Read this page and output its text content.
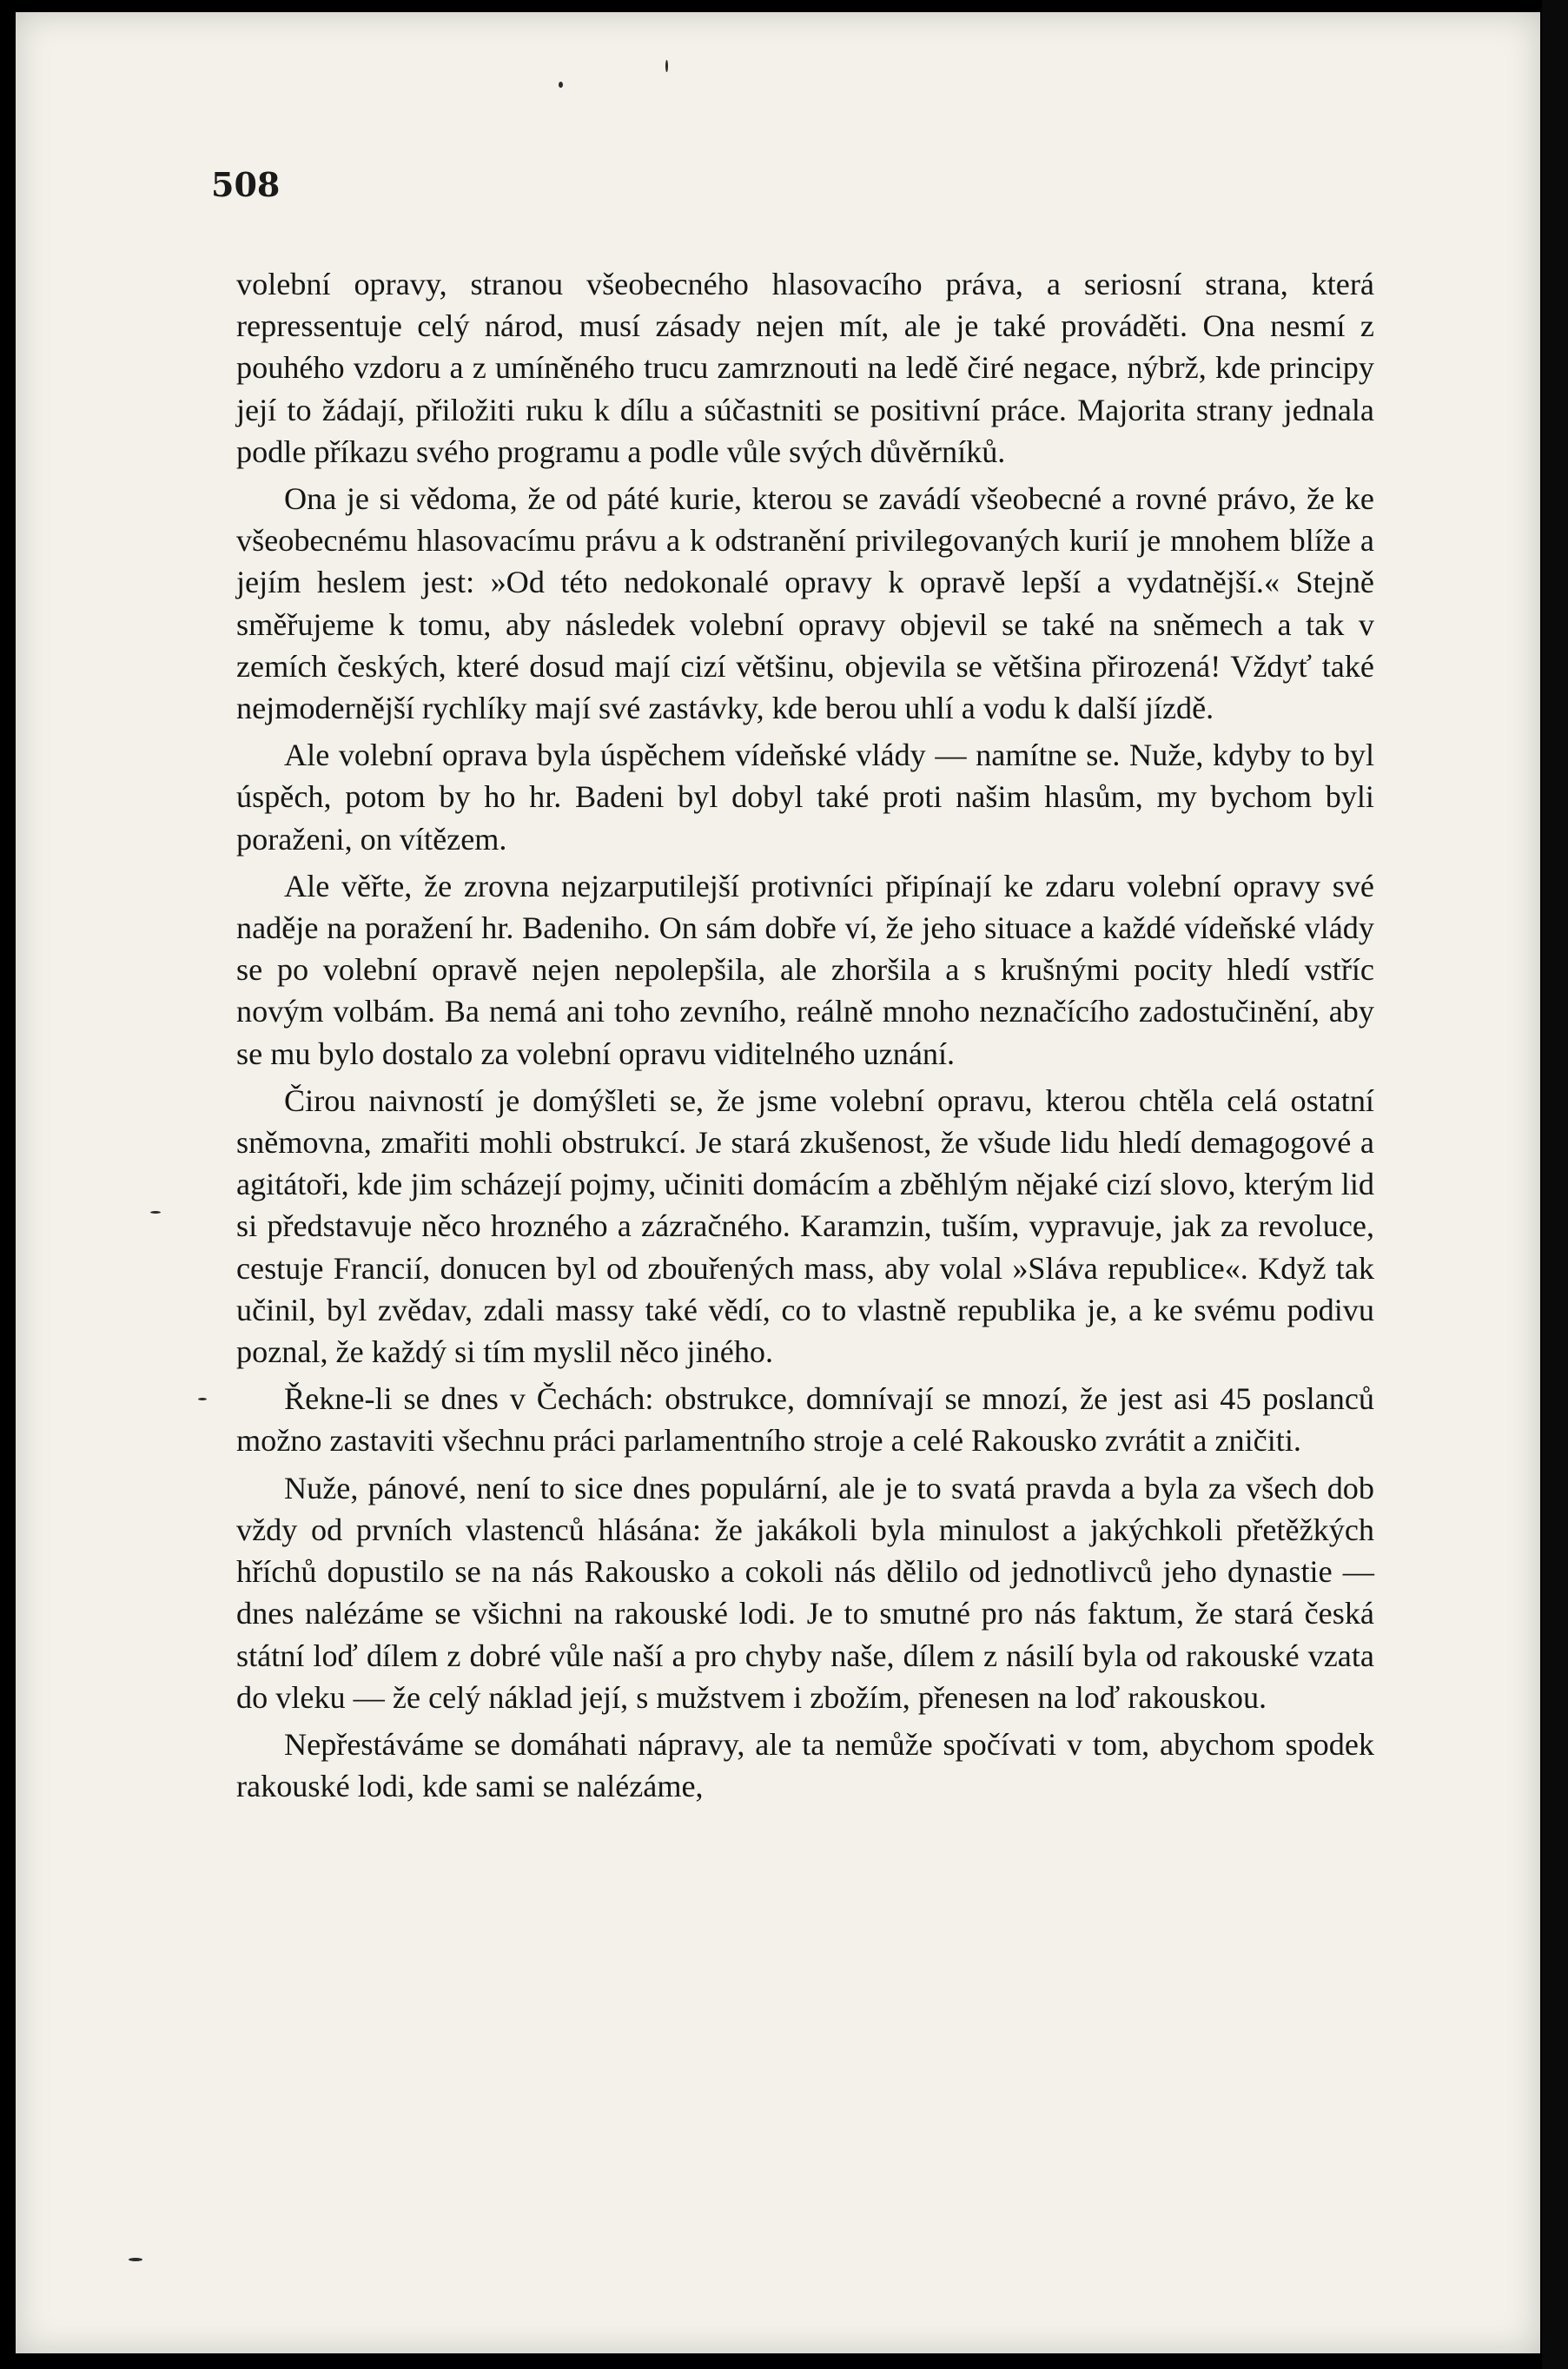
508

volební opravy, stranou všeobecného hlasovacího práva, a seriosní strana, která repressentuje celý národ, musí zásady nejen mít, ale je také prováděti. Ona nesmí z pouhého vzdoru a z umíněného trucu zamrznouti na ledě čiré negace, nýbrž, kde principy její to žádají, přiložiti ruku k dílu a súčastniti se positivní práce. Majorita strany jednala podle příkazu svého programu a podle vůle svých důvěrníků.

Ona je si vědoma, že od páté kurie, kterou se zavádí všeobecné a rovné právo, že ke všeobecnému hlasovacímu právu a k odstranění privilegovaných kurií je mnohem blíže a jejím heslem jest: »Od této nedokonalé opravy k opravě lepší a vydatnější.« Stejně směřujeme k tomu, aby následek volební opravy objevil se také na sněmech a tak v zemích českých, které dosud mají cizí většinu, objevila se většina přirozená! Vždyť také nejmodernější rychlíky mají své zastávky, kde berou uhlí a vodu k další jízdě.

Ale volební oprava byla úspěchem vídeňské vlády — namítne se. Nuže, kdyby to byl úspěch, potom by ho hr. Badeni byl dobyl také proti našim hlasům, my bychom byli poraženi, on vítězem.

Ale věřte, že zrovna nejzarputilejší protivníci připínají ke zdaru volební opravy své naděje na poražení hr. Badeniho. On sám dobře ví, že jeho situace a každé vídeňské vlády se po volební opravě nejen nepolepšila, ale zhoršila a s krušnými pocity hledí vstříc novým volbám. Ba nemá ani toho zevního, reálně mnoho neznačícího zadostučinění, aby se mu bylo dostalo za volební opravu viditelného uznání.

Čirou naivností je domýšleti se, že jsme volební opravu, kterou chtěla celá ostatní sněmovna, zmařiti mohli obstrukcí. Je stará zkušenost, že všude lidu hledí demagogové a agitátoři, kde jim scházejí pojmy, učiniti domácím a zběhlým nějaké cizí slovo, kterým lid si představuje něco hrozného a zázračného. Karamzin, tuším, vypravuje, jak za revoluce, cestuje Francií, donucen byl od zbouřených mass, aby volal »Sláva republice«. Když tak učinil, byl zvědav, zdali massy také vědí, co to vlastně republika je, a ke svému podivu poznal, že každý si tím myslil něco jiného.

Řekne-li se dnes v Čechách: obstrukce, domnívají se mnozí, že jest asi 45 poslanců možno zastaviti všechnu práci parlamentního stroje a celé Rakousko zvrátit a zničiti.

Nuže, pánové, není to sice dnes populární, ale je to svatá pravda a byla za všech dob vždy od prvních vlastenců hlásána: že jakákoli byla minulost a jakýchkoli přetěžkých hříchů dopustilo se na nás Rakousko a cokoli nás dělilo od jednotlivců jeho dynastie — dnes nalézáme se všichni na rakouské lodi. Je to smutné pro nás faktum, že stará česká státní loď dílem z dobré vůle naší a pro chyby naše, dílem z násilí byla od rakouské vzata do vleku — že celý náklad její, s mužstvem i zbožím, přenesen na loď rakouskou.

Nepřestáváme se domáhati nápravy, ale ta nemůže spočívati v tom, abychom spodek rakouské lodi, kde sami se nalézáme,
